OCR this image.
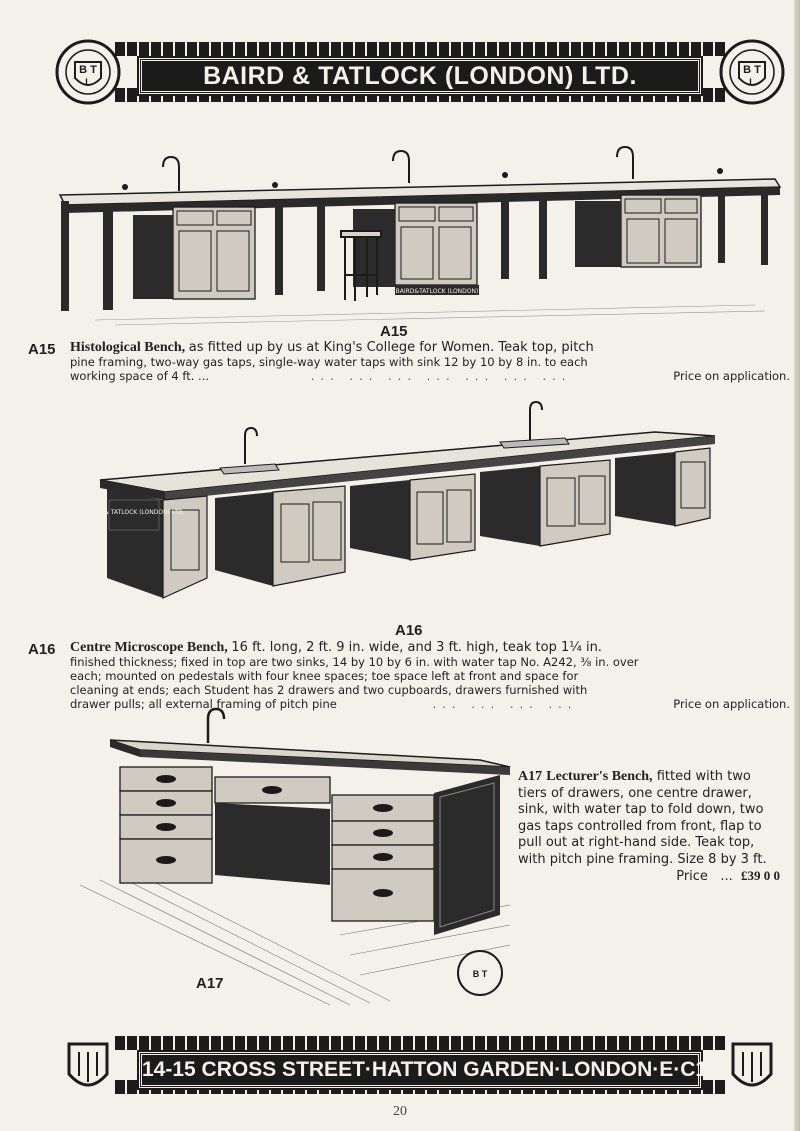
BAIRD & TATLOCK (LONDON) LTD.
B T
L
B T
L
BAIRD&TATLOCK (LONDON)
A15
A15 Histological Bench, as fitted up by us at King's College for Women. Teak top, pitch
pine framing, two-way gas taps, single-way water taps with sink 12 by 10 by 8 in. to each
working space of 4 ft. ...	... ... ... ... ... ... ...	Price on application.
BAIRD & TATLOCK (LONDON) LTD.
A16
A16 Centre Microscope Bench, 16 ft. long, 2 ft. 9 in. wide, and 3 ft. high, teak top 1¼ in.
finished thickness; fixed in top are two sinks, 14 by 10 by 6 in. with water tap No. A242, ⅜ in. over
each; mounted on pedestals with four knee spaces; toe space left at front and space for
cleaning at ends; each Student has 2 drawers and two cupboards, drawers furnished with
drawer pulls; all external framing of pitch pine	... ... ... ...	Price on application.
B T
A17
A17 Lecturer's Bench, fitted with two tiers of drawers, one centre drawer, sink, with water tap to fold down, two gas taps controlled from front, flap to pull out at right-hand side. Teak top, with pitch pine framing. Size 8 by 3 ft.
Price ... £39 0 0
14-15 CROSS STREET·HATTON GARDEN·LONDON·E·C1
20
